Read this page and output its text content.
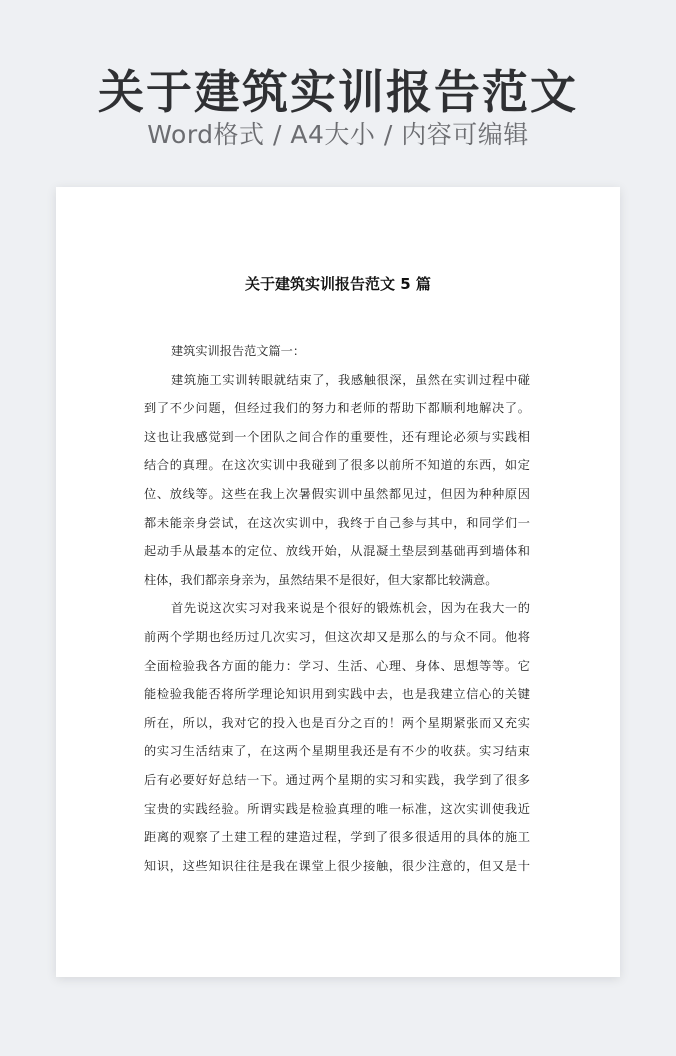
关于建筑实训报告范文
Word格式 / A4大小 / 内容可编辑
关于建筑实训报告范文 5 篇
建筑实训报告范文篇一：
建筑施工实训转眼就结束了，我感触很深，虽然在实训过程中碰
到了不少问题，但经过我们的努力和老师的帮助下都顺利地解决了。
这也让我感觉到一个团队之间合作的重要性，还有理论必须与实践相
结合的真理。在这次实训中我碰到了很多以前所不知道的东西，如定
位、放线等。这些在我上次暑假实训中虽然都见过，但因为种种原因
都未能亲身尝试，在这次实训中，我终于自己参与其中，和同学们一
起动手从最基本的定位、放线开始，从混凝土垫层到基础再到墙体和
柱体，我们都亲身亲为，虽然结果不是很好，但大家都比较满意。
首先说这次实习对我来说是个很好的锻炼机会，因为在我大一的
前两个学期也经历过几次实习，但这次却又是那么的与众不同。他将
全面检验我各方面的能力：学习、生活、心理、身体、思想等等。它
能检验我能否将所学理论知识用到实践中去，也是我建立信心的关键
所在，所以，我对它的投入也是百分之百的！两个星期紧张而又充实
的实习生活结束了，在这两个星期里我还是有不少的收获。实习结束
后有必要好好总结一下。通过两个星期的实习和实践，我学到了很多
宝贵的实践经验。所谓实践是检验真理的唯一标准，这次实训使我近
距离的观察了土建工程的建造过程，学到了很多很适用的具体的施工
知识，这些知识往往是我在课堂上很少接触，很少注意的，但又是十
